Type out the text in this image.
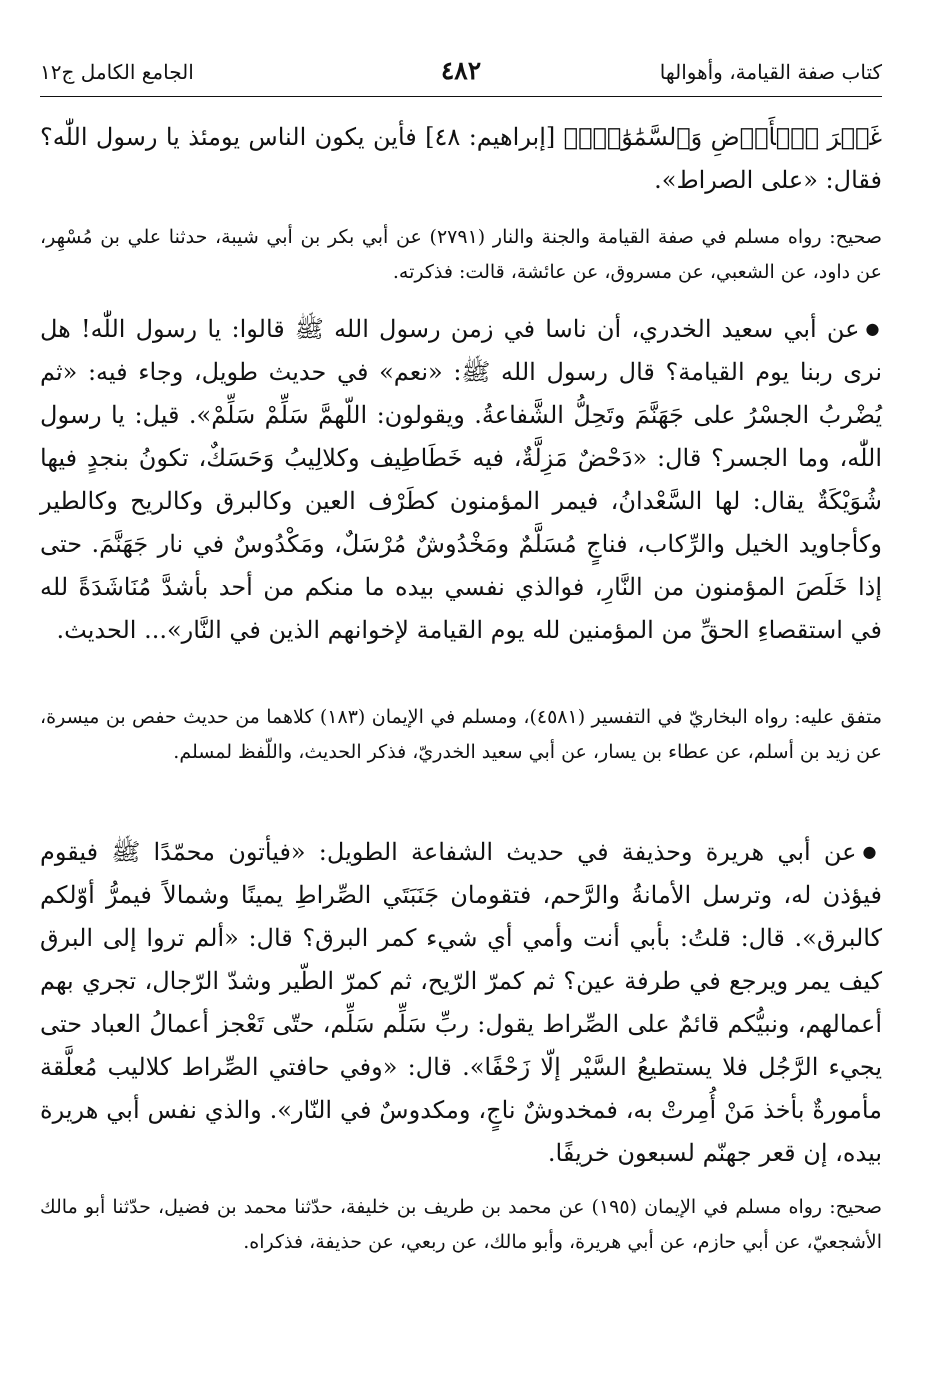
الجامع الكامل ج١٢	٤٨٢	كتاب صفة القيامة، وأهوالها

غَيۡرَ ٱلۡأَرۡضِ وَٱلسَّمَٰوَٰتُۖ﴾ [إبراهيم: ٤٨] فأين يكون الناس يومئذ يا رسول اللّٰه؟ فقال: «على الصراط».

صحيح: رواه مسلم في صفة القيامة والجنة والنار (٢٧٩١) عن أبي بكر بن أبي شيبة، حدثنا علي بن مُسْهِر، عن داود، عن الشعبي، عن مسروق، عن عائشة، قالت: فذكرته.

●عن أبي سعيد الخدري، أن ناسا في زمن رسول الله ﷺ قالوا: يا رسول اللّٰه! هل نرى ربنا يوم القيامة؟ قال رسول الله ﷺ: «نعم» في حديث طويل، وجاء فيه: «ثم يُضْربُ الجسْرُ على جَهَنَّمَ وتَحِلُّ الشَّفاعةُ. ويقولون: اللّهمَّ سَلِّمْ سَلِّمْ». قيل: يا رسول اللّٰه، وما الجسر؟ قال: «دَحْضٌ مَزِلَّةٌ، فيه خَطَاطِيف وكلالِيبُ وَحَسَكٌ، تكونُ بنجدٍ فيها شُوَيْكَةٌ يقال: لها السَّعْدانُ، فيمر المؤمنون كطَرْف العين وكالبرق وكالريح وكالطير وكأجاويد الخيل والرِّكاب، فناجٍ مُسَلَّمٌ ومَخْدُوشٌ مُرْسَلٌ، ومَكْدُوسٌ في نار جَهَنَّمَ. حتى إذا خَلَصَ المؤمنون من النَّارِ، فوالذي نفسي بيده ما منكم من أحد بأشدَّ مُنَاشَدَةً لله في استقصاءِ الحقِّ من المؤمنين لله يوم القيامة لإخوانهم الذين في النَّار»... الحديث.

متفق عليه: رواه البخاريّ في التفسير (٤٥٨١)، ومسلم في الإيمان (١٨٣) كلاهما من حديث حفص بن ميسرة، عن زيد بن أسلم، عن عطاء بن يسار، عن أبي سعيد الخدريّ، فذكر الحديث، واللّفظ لمسلم.

●عن أبي هريرة وحذيفة في حديث الشفاعة الطويل: «فيأتون محمّدًا ﷺ فيقوم فيؤذن له، وترسل الأمانةُ والرَّحم، فتقومان جَنَبَتَي الصِّراطِ يمينًا وشمالاً فيمرُّ أوّلكم كالبرق». قال: قلتُ: بأبي أنت وأمي أي شيء كمر البرق؟ قال: «ألم تروا إلى البرق كيف يمر ويرجع في طرفة عين؟ ثم كمرّ الرّيح، ثم كمرّ الطّير وشدّ الرّجال، تجري بهم أعمالهم، ونبيُّكم قائمٌ على الصِّراط يقول: ربِّ سَلِّم سَلِّم، حتّى تَعْجز أعمالُ العباد حتى يجيء الرَّجُل فلا يستطيعُ السَّيْر إلّا زَحْفًا». قال: «وفي حافتي الصِّراط كلاليب مُعلَّقة مأمورةٌ بأخذ مَنْ أُمِرتْ به، فمخدوشٌ ناجٍ، ومكدوسٌ في النّار». والذي نفس أبي هريرة بيده، إن قعر جهنّم لسبعون خريفًا.

صحيح: رواه مسلم في الإيمان (١٩٥) عن محمد بن طريف بن خليفة، حدّثنا محمد بن فضيل، حدّثنا أبو مالك الأشجعيّ، عن أبي حازم، عن أبي هريرة، وأبو مالك، عن ربعي، عن حذيفة، فذكراه.
